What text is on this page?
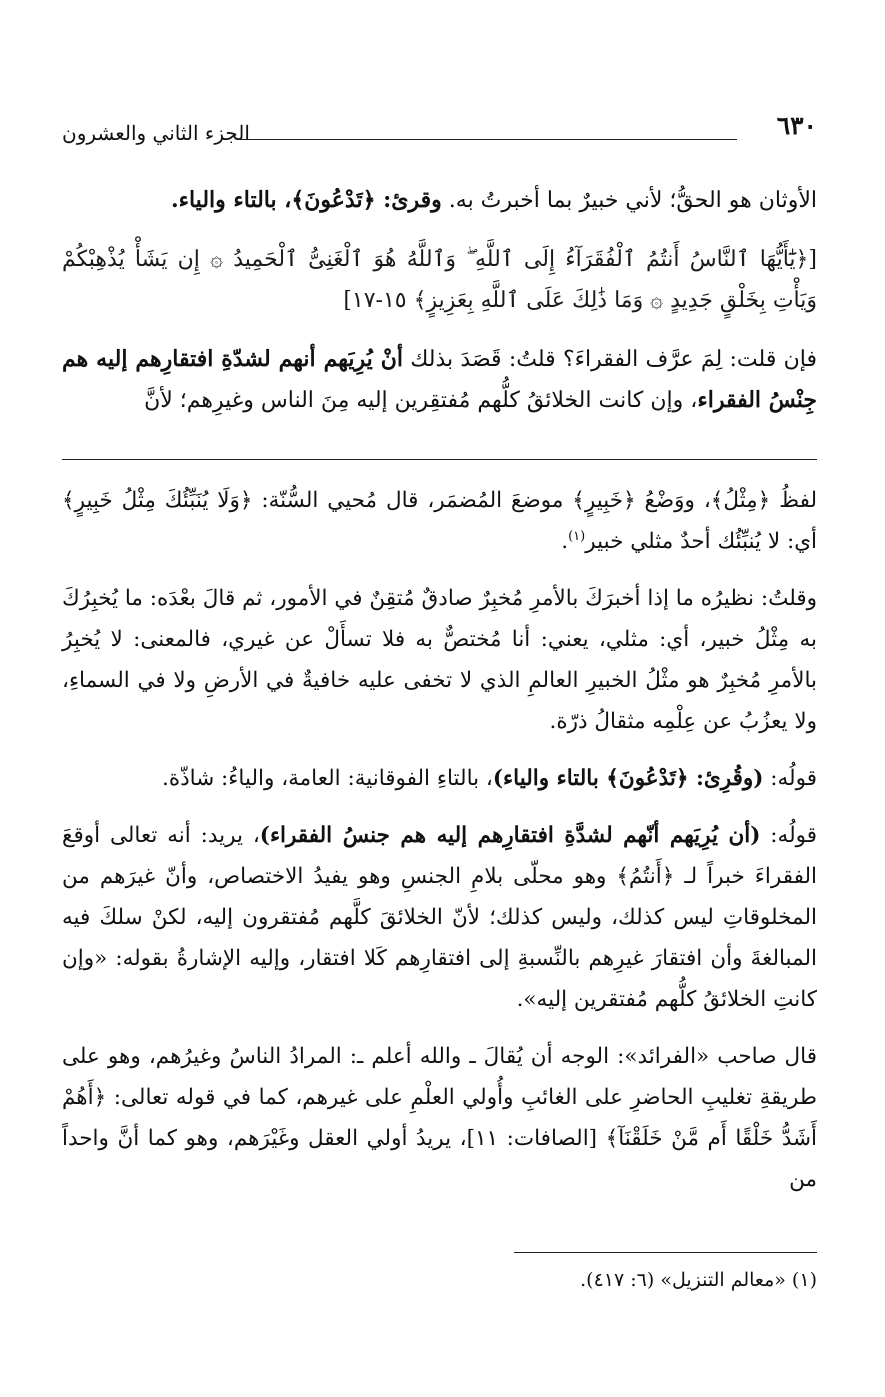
٦٣٠
الجزء الثاني والعشرون

الأوثان هو الحقُّ؛ لأني خبيرٌ بما أخبرتُ به. وقرئ: ﴿تَدْعُونَ﴾، بالتاء والياء.

[﴿يَٰٓأَيُّهَا ٱلنَّاسُ أَنتُمُ ٱلْفُقَرَآءُ إِلَى ٱللَّهِ ۖ وَٱللَّهُ هُوَ ٱلْغَنِىُّ ٱلْحَمِيدُ ۞ إِن يَشَأْ يُذْهِبْكُمْ وَيَأْتِ بِخَلْقٍ جَدِيدٍ ۞ وَمَا ذَٰلِكَ عَلَى ٱللَّهِ بِعَزِيزٍ﴾ ١٥-١٧]

فإن قلت: لِمَ عرَّف الفقراءَ؟ قلتُ: قَصَدَ بذلك أنْ يُرِيَهم أنهم لشدّةِ افتقارِهم إليه هم جِنْسُ الفقراء، وإن كانت الخلائقُ كلُّهم مُفتقِرين إليه مِنَ الناس وغيرِهم؛ لأنَّ

لفظُ ﴿مِثْلُ﴾، ووَضْعُ ﴿خَبِيرٍ﴾ موضعَ المُضمَر، قال مُحيي السُّنّة: ﴿وَلَا يُنَبِّئُكَ مِثْلُ خَبِيرٍ﴾ أي: لا يُنبِّئُك أحدٌ مثلي خبير$^{(١)}$.

وقلتُ: نظيرُه ما إذا أخبرَكَ بالأمرِ مُخبِرٌ صادقٌ مُتقِنٌ في الأمور، ثم قالَ بعْدَه: ما يُخبِرُكَ به مِثْلُ خبير، أي: مثلي، يعني: أنا مُختصٌّ به فلا تسأَلْ عن غيري، فالمعنى: لا يُخبِرُ بالأمرِ مُخبِرٌ هو مثْلُ الخبيرِ العالمِ الذي لا تخفى عليه خافيةٌ في الأرضِ ولا في السماءِ، ولا يعزُبُ عن عِلْمِه مثقالُ ذرّة.

قولُه: (وقُرِئ: ﴿تَدْعُونَ﴾ بالتاء والياء)، بالتاءِ الفوقانية: العامة، والياءُ: شاذّة.

قولُه: (أن يُرِيَهم أنّهم لشدَّةِ افتقارِهم إليه هم جنسُ الفقراء)، يريد: أنه تعالى أوقعَ الفقراءَ خبراً لـ ﴿أَنتُمُ﴾ وهو محلّى بلامِ الجنسِ وهو يفيدُ الاختصاص، وأنّ غيرَهم من المخلوقاتِ ليس كذلك، وليس كذلك؛ لأنّ الخلائقَ كلَّهم مُفتقرون إليه، لكنْ سلكَ فيه المبالغةَ وأن افتقارَ غيرِهم بالنِّسبةِ إلى افتقارِهم كَلا افتقار، وإليه الإشارةُ بقوله: «وإن كانتِ الخلائقُ كلُّهم مُفتقرين إليه».

قال صاحب «الفرائد»: الوجه أن يُقالَ ـ والله أعلم ـ: المرادُ الناسُ وغيرُهم، وهو على طريقةِ تغليبِ الحاضرِ على الغائبِ وأُولي العلْمِ على غيرهم، كما في قوله تعالى: ﴿أَهُمْ أَشَدُّ خَلْقًا أَم مَّنْ خَلَقْنَآ﴾ [الصافات: ١١]، يريدُ أولي العقل وغَيْرَهم، وهو كما أنَّ واحداً من

(١) «معالم التنزيل» (٦: ٤١٧).
